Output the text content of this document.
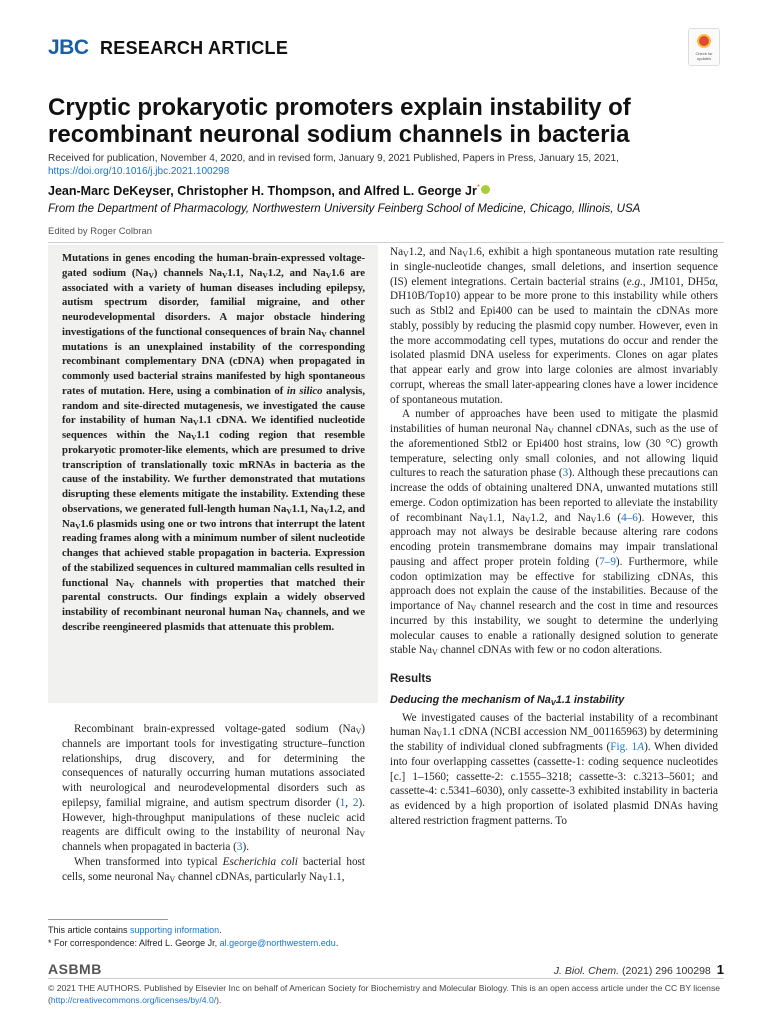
JBC RESEARCH ARTICLE	Check for updates
Cryptic prokaryotic promoters explain instability of recombinant neuronal sodium channels in bacteria
Received for publication, November 4, 2020, and in revised form, January 9, 2021 Published, Papers in Press, January 15, 2021,
https://doi.org/10.1016/j.jbc.2021.100298
Jean-Marc DeKeyser, Christopher H. Thompson, and Alfred L. George Jr*
From the Department of Pharmacology, Northwestern University Feinberg School of Medicine, Chicago, Illinois, USA
Edited by Roger Colbran

Mutations in genes encoding the human-brain-expressed voltage-gated sodium $(Na_V)$ channels $Na_V1.1$, $Na_V1.2$, and $Na_V1.6$ are associated with a variety of human diseases including epilepsy, autism spectrum disorder, familial migraine, and other neurodevelopmental disorders. A major obstacle hindering investigations of the functional consequences of brain $Na_V$ channel mutations is an unexplained instability of the corresponding recombinant complementary DNA (cDNA) when propagated in commonly used bacterial strains manifested by high spontaneous rates of mutation. Here, using a combination of in silico analysis, random and site-directed mutagenesis, we investigated the cause for instability of human $Na_V1.1$ cDNA. We identified nucleotide sequences within the $Na_V1.1$ coding region that resemble prokaryotic promoter-like elements, which are presumed to drive transcription of translationally toxic mRNAs in bacteria as the cause of the instability. We further demonstrated that mutations disrupting these elements mitigate the instability. Extending these observations, we generated full-length human $Na_V1.1$, $Na_V1.2$, and $Na_V1.6$ plasmids using one or two introns that interrupt the latent reading frames along with a minimum number of silent nucleotide changes that achieved stable propagation in bacteria. Expression of the stabilized sequences in cultured mammalian cells resulted in functional $Na_V$ channels with properties that matched their parental constructs. Our findings explain a widely observed instability of recombinant neuronal human $Na_V$ channels, and we describe reengineered plasmids that attenuate this problem.

Recombinant brain-expressed voltage-gated sodium $(Na_V)$ channels are important tools for investigating structure–function relationships, drug discovery, and for determining the consequences of naturally occurring human mutations associated with neurological and neurodevelopmental disorders such as epilepsy, familial migraine, and autism spectrum disorder (1, 2). However, high-throughput manipulations of these nucleic acid reagents are difficult owing to the instability of neuronal $Na_V$ channels when propagated in bacteria (3).

When transformed into typical Escherichia coli bacterial host cells, some neuronal $Na_V$ channel cDNAs, particularly $Na_V1.1$,

$Na_V1.2$, and $Na_V1.6$, exhibit a high spontaneous mutation rate resulting in single-nucleotide changes, small deletions, and insertion sequence (IS) element integrations. Certain bacterial strains (e.g., JM101, DH5α, DH10B/Top10) appear to be more prone to this instability while others such as Stbl2 and Epi400 can be used to maintain the cDNAs more stably, possibly by reducing the plasmid copy number. However, even in the more accommodating cell types, mutations do occur and render the isolated plasmid DNA useless for experiments. Clones on agar plates that appear early and grow into large colonies are almost invariably corrupt, whereas the small later-appearing clones have a lower incidence of spontaneous mutation.

A number of approaches have been used to mitigate the plasmid instabilities of human neuronal $Na_V$ channel cDNAs, such as the use of the aforementioned Stbl2 or Epi400 host strains, low (30 °C) growth temperature, selecting only small colonies, and not allowing liquid cultures to reach the saturation phase (3). Although these precautions can increase the odds of obtaining unaltered DNA, unwanted mutations still emerge. Codon optimization has been reported to alleviate the instability of recombinant $Na_V1.1$, $Na_V1.2$, and $Na_V1.6$ (4–6). However, this approach may not always be desirable because altering rare codons encoding protein transmembrane domains may impair translational pausing and affect proper protein folding (7–9). Furthermore, while codon optimization may be effective for stabilizing cDNAs, this approach does not explain the cause of the instabilities. Because of the importance of $Na_V$ channel research and the cost in time and resources incurred by this instability, we sought to determine the underlying molecular causes to enable a rationally designed solution to generate stable $Na_V$ channel cDNAs with few or no codon alterations.

Results
Deducing the mechanism of $Na_V1.1$ instability

We investigated causes of the bacterial instability of a recombinant human $Na_V1.1$ cDNA (NCBI accession NM_001165963) by determining the stability of individual cloned subfragments (Fig. 1A). When divided into four overlapping cassettes (cassette-1: coding sequence nucleotides [c.] 1–1560; cassette-2: c.1555–3218; cassette-3: c.3213–5601; and cassette-4: c.5341–6030), only cassette-3 exhibited instability in bacteria as evidenced by a high proportion of isolated plasmid DNAs having altered restriction fragment patterns. To

This article contains supporting information.
* For correspondence: Alfred L. George Jr, al.george@northwestern.edu.
ASBMB	J. Biol. Chem. (2021) 296 100298 1
© 2021 THE AUTHORS. Published by Elsevier Inc on behalf of American Society for Biochemistry and Molecular Biology. This is an open access article under the CC BY license (http://creativecommons.org/licenses/by/4.0/).
